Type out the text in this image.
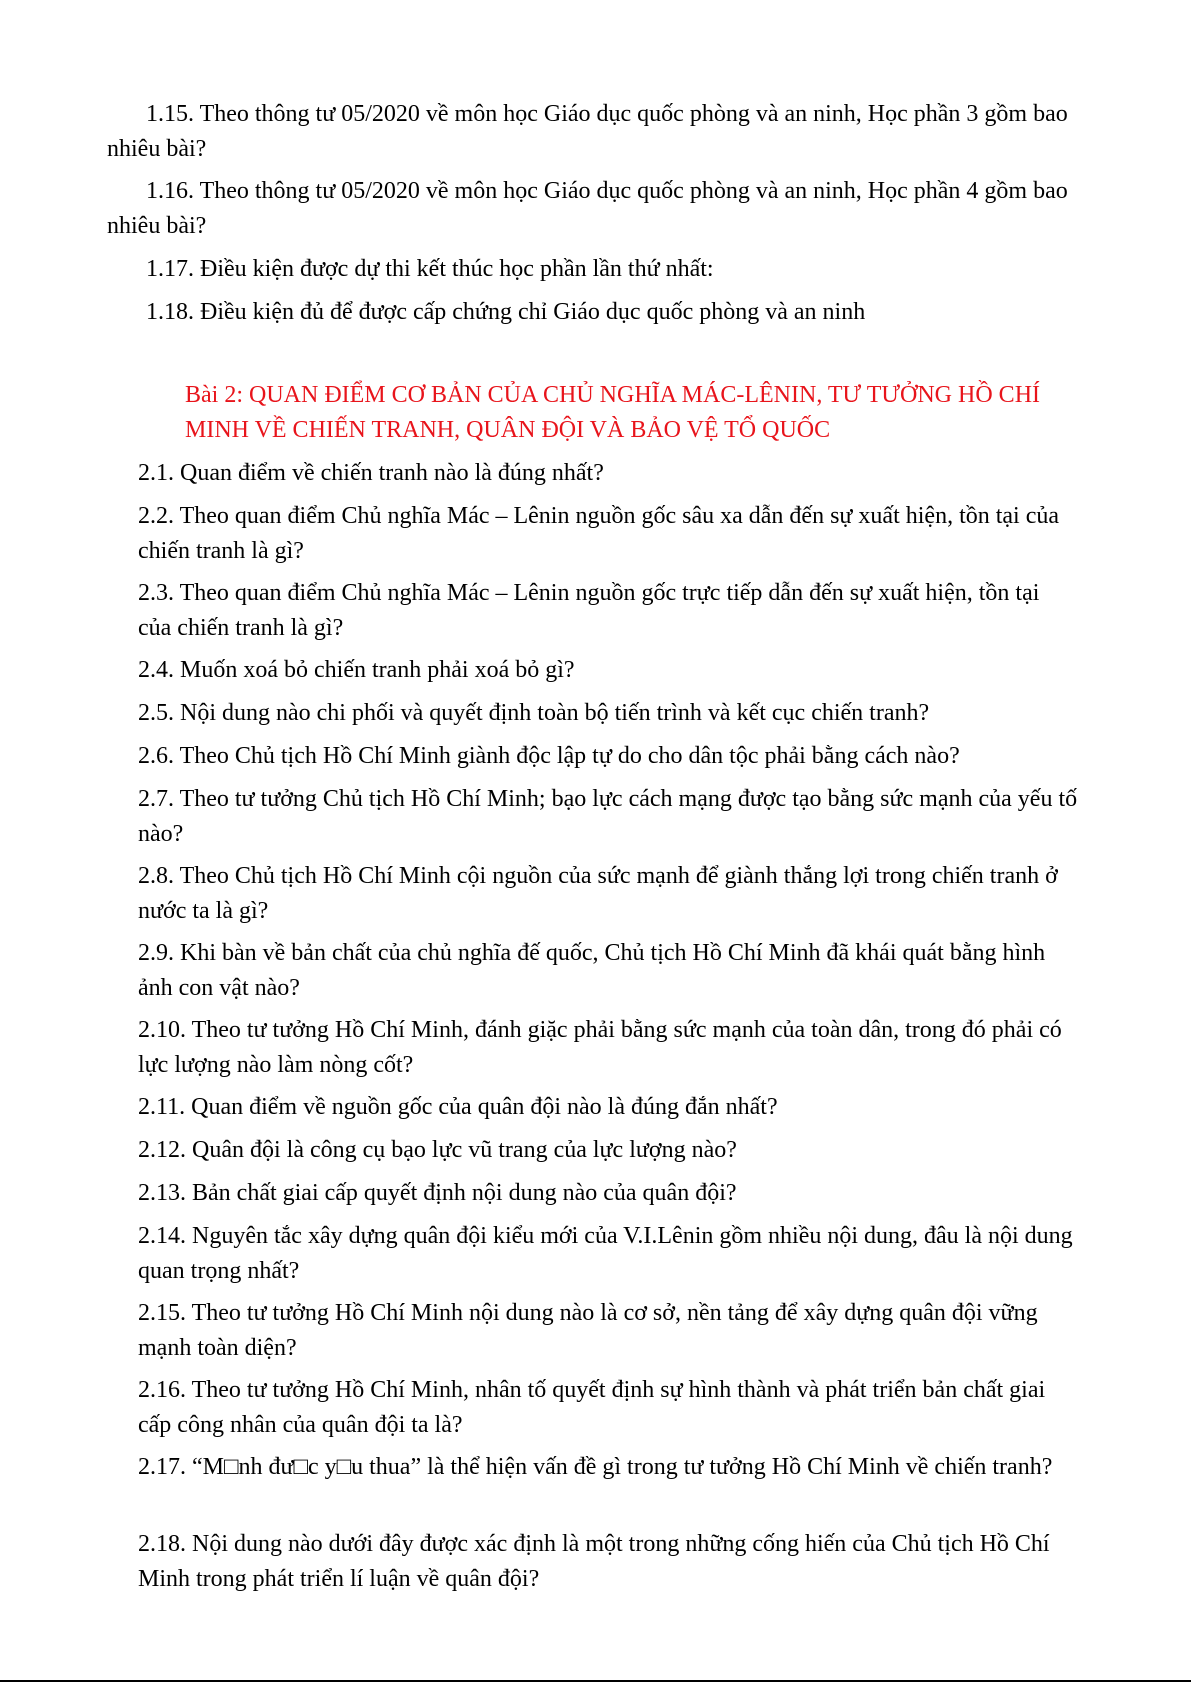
1.15. Theo thông tư 05/2020 về môn học Giáo dục quốc phòng và an ninh, Học phần 3 gồm bao nhiêu bài?

1.16. Theo thông tư 05/2020 về môn học Giáo dục quốc phòng và an ninh, Học phần 4 gồm bao nhiêu bài?

1.17. Điều kiện được dự thi kết thúc học phần lần thứ nhất:

1.18. Điều kiện đủ để được cấp chứng chỉ Giáo dục quốc phòng và an ninh

Bài 2: QUAN ĐIỂM CƠ BẢN CỦA CHỦ NGHĨA MÁC-LÊNIN, TƯ TƯỞNG HỒ CHÍ MINH VỀ CHIẾN TRANH, QUÂN ĐỘI VÀ BẢO VỆ TỔ QUỐC

2.1. Quan điểm về chiến tranh nào là đúng nhất?

2.2. Theo quan điểm Chủ nghĩa Mác – Lênin nguồn gốc sâu xa dẫn đến sự xuất hiện, tồn tại của chiến tranh là gì?

2.3. Theo quan điểm Chủ nghĩa Mác – Lênin nguồn gốc trực tiếp dẫn đến sự xuất hiện, tồn tại của chiến tranh là gì?

2.4. Muốn xoá bỏ chiến tranh phải xoá bỏ gì?

2.5. Nội dung nào chi phối và quyết định toàn bộ tiến trình và kết cục chiến tranh?

2.6. Theo Chủ tịch Hồ Chí Minh giành độc lập tự do cho dân tộc phải bằng cách nào?

2.7. Theo tư tưởng Chủ tịch Hồ Chí Minh; bạo lực cách mạng được tạo bằng sức mạnh của yếu tố nào?

2.8. Theo Chủ tịch Hồ Chí Minh cội nguồn của sức mạnh để giành thắng lợi trong chiến tranh ở nước ta là gì?

2.9. Khi bàn về bản chất của chủ nghĩa đế quốc, Chủ tịch Hồ Chí Minh đã khái quát bằng hình ảnh con vật nào?

2.10. Theo tư tưởng Hồ Chí Minh, đánh giặc phải bằng sức mạnh của toàn dân, trong đó phải có lực lượng nào làm nòng cốt?

2.11. Quan điểm về nguồn gốc của quân đội nào là đúng đắn nhất?

2.12. Quân đội là công cụ bạo lực vũ trang của lực lượng nào?

2.13. Bản chất giai cấp quyết định nội dung nào của quân đội?

2.14. Nguyên tắc xây dựng quân đội kiểu mới của V.I.Lênin gồm nhiều nội dung, đâu là nội dung quan trọng nhất?

2.15. Theo tư tưởng Hồ Chí Minh nội dung nào là cơ sở, nền tảng để xây dựng quân đội vững mạnh toàn diện?

2.16. Theo tư tưởng Hồ Chí Minh, nhân tố quyết định sự hình thành và phát triển bản chất giai cấp công nhân của quân đội ta là?

2.17. “M□nh đư□c y□u thua” là thể hiện vấn đề gì trong tư tưởng Hồ Chí Minh về chiến tranh?

2.18. Nội dung nào dưới đây được xác định là một trong những cống hiến của Chủ tịch Hồ Chí Minh trong phát triển lí luận về quân đội?
